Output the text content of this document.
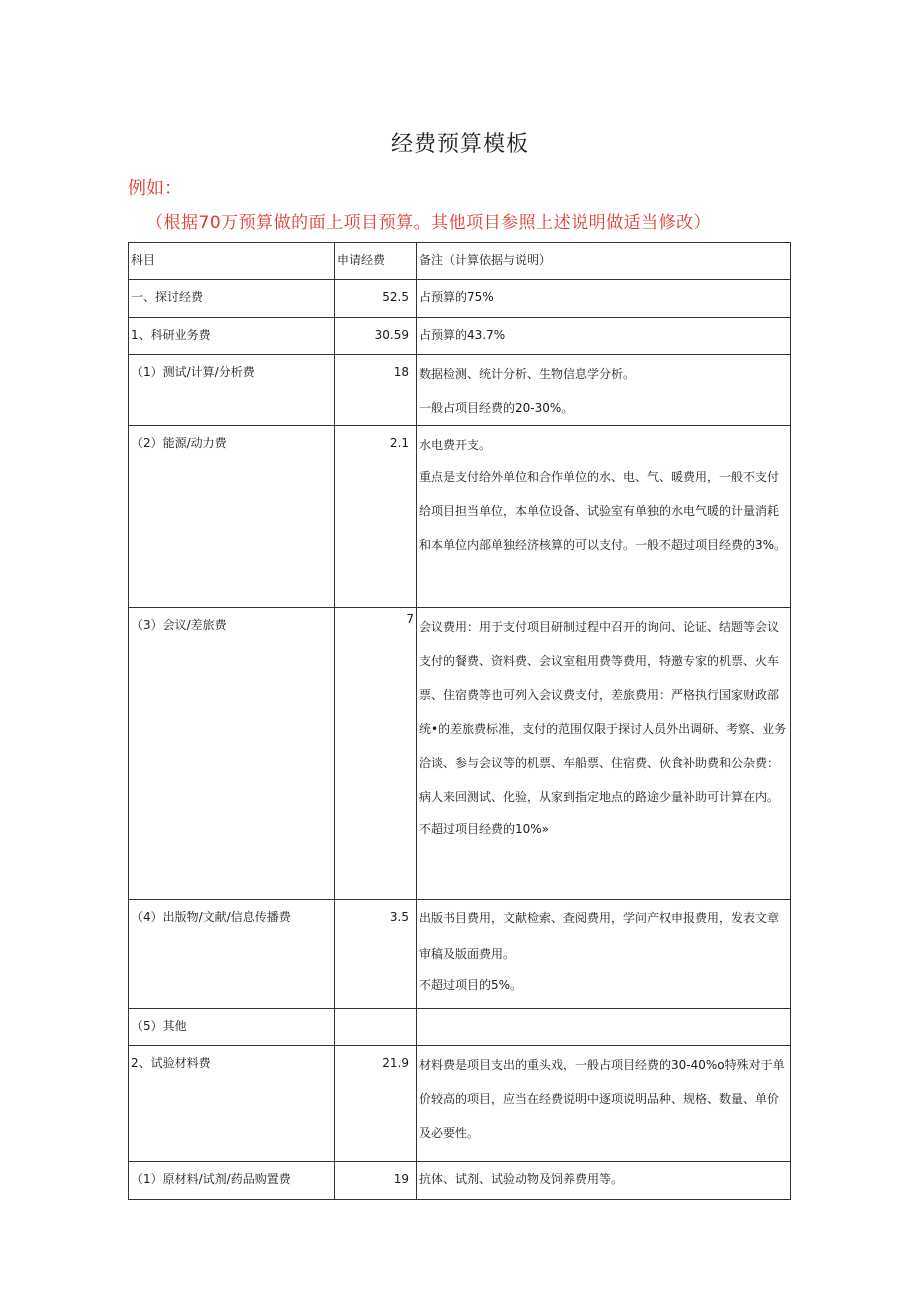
经费预算模板
例如：
（根据70万预算做的面上项目预算。其他项目参照上述说明做适当修改）
科目	申请经费	备注（计算依据与说明）

一、探讨经费	52.5	占预算的75%

1、科研业务费	30.59	占预算的43.7%

（1）测试/计算/分析费	18	数据检测、统计分析、生物信息学分析。
一般占项目经费的20-30%。

（2）能源/动力费	2.1	水电费开支。
重点是支付给外单位和合作单位的水、电、气、暖费用，一般不支付给项目担当单位，本单位设备、试验室有单独的水电气暖的计量消耗和本单位内部单独经济核算的可以支付。一般不超过项目经费的3%。

（3）会议/差旅费	7	会议费用：用于支付项目研制过程中召开的询问、论证、结题等会议支付的餐费、资料费、会议室租用费等费用，特邀专家的机票、火车票、住宿费等也可列入会议费支付，差旅费用：严格执行国家财政部统•的差旅费标准，支付的范围仅限于探讨人员外出调研、考察、业务洽谈、参与会议等的机票、车船票、住宿费、伙食补助费和公杂费：病人来回测试、化验，从家到指定地点的路途少量补助可计算在内。
不超过项目经费的10%»

（4）出版物/文献/信息传播费	3.5	出版书目费用，文献检索、查阅费用，学问产权申报费用，发表文章审稿及版面费用。
不超过项目的5%。

（5）其他		

2、试验材料费	21.9	材料费是项目支出的重头戏，一般占项目经费的30-40%o特殊对于单价较高的项目，应当在经费说明中逐项说明品种、规格、数量、单价及必要性。

（1）原材料/试剂/药品购置费	19	抗体、试剂、试验动物及饲养费用等。
